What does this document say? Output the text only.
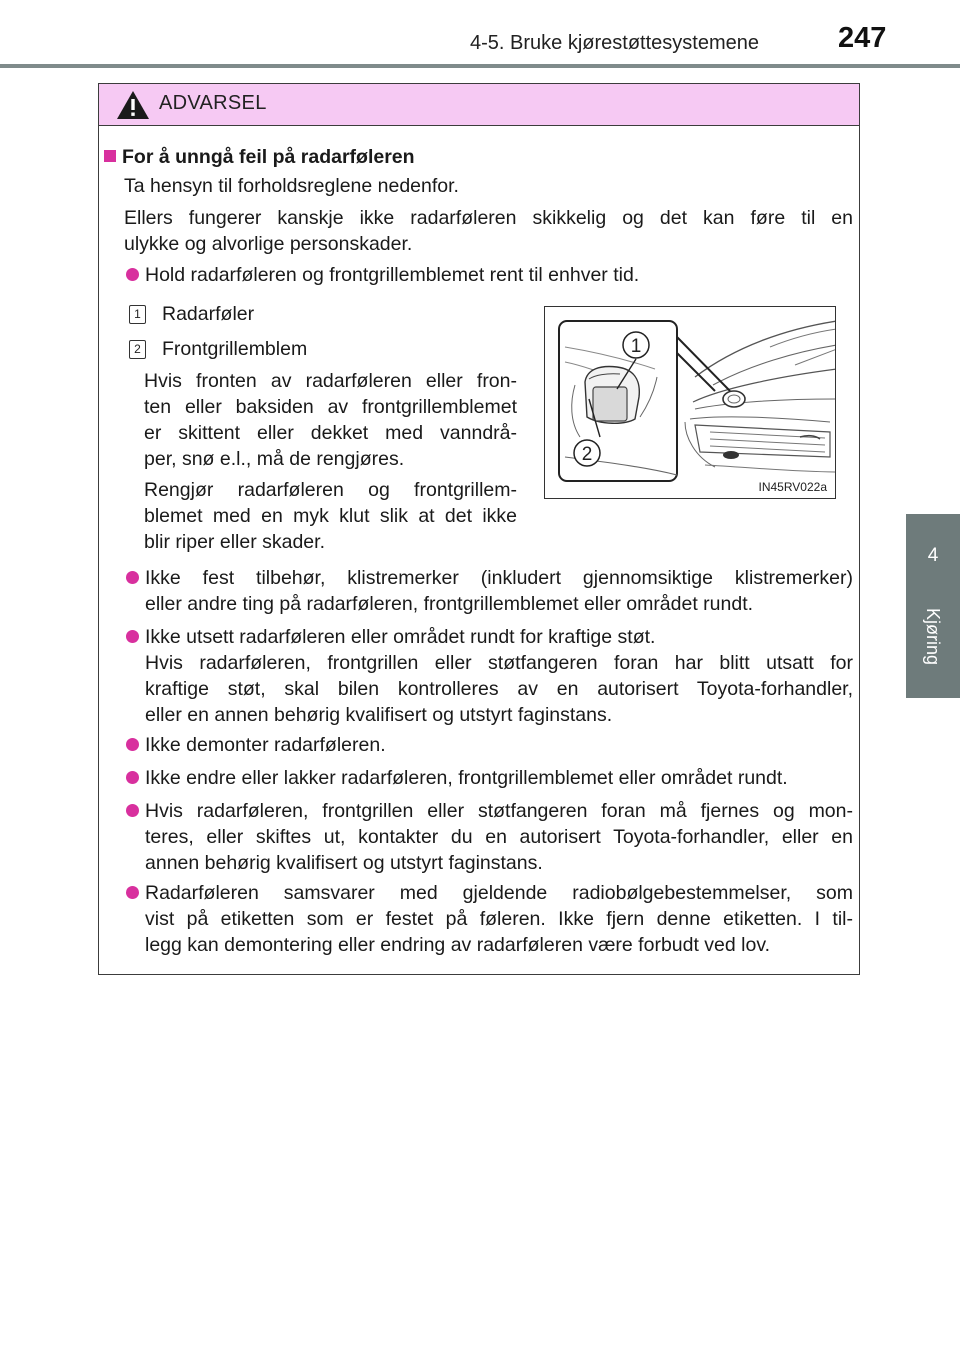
4-5. Bruke kjørestøttesystemene	247
4
Kjøring
ADVARSEL
For å unngå feil på radarføleren
Ta hensyn til forholdsreglene nedenfor.
Ellers fungerer kanskje ikke radarføleren skikkelig og det kan føre til en
ulykke og alvorlige personskader.
Hold radarføleren og frontgrillemblemet rent til enhver tid.
1 Radarføler
2 Frontgrillemblem
Hvis fronten av radarføleren eller fron-
ten eller baksiden av frontgrillemblemet
er skittent eller dekket med vanndrå-
per, snø e.l., må de rengjøres.
Rengjør radarføleren og frontgrillem-
blemet med en myk klut slik at det ikke
blir riper eller skader.
1
2
IN45RV022a
Ikke fest tilbehør, klistremerker (inkludert gjennomsiktige klistremerker)
eller andre ting på radarføleren, frontgrillemblemet eller området rundt.
Ikke utsett radarføleren eller området rundt for kraftige støt.
Hvis radarføleren, frontgrillen eller støtfangeren foran har blitt utsatt for
kraftige støt, skal bilen kontrolleres av en autorisert Toyota-forhandler,
eller en annen behørig kvalifisert og utstyrt faginstans.
Ikke demonter radarføleren.
Ikke endre eller lakker radarføleren, frontgrillemblemet eller området rundt.
Hvis radarføleren, frontgrillen eller støtfangeren foran må fjernes og mon-
teres, eller skiftes ut, kontakter du en autorisert Toyota-forhandler, eller en
annen behørig kvalifisert og utstyrt faginstans.
Radarføleren samsvarer med gjeldende radiobølgebestemmelser, som
vist på etiketten som er festet på føleren. Ikke fjern denne etiketten. I til-
legg kan demontering eller endring av radarføleren være forbudt ved lov.
